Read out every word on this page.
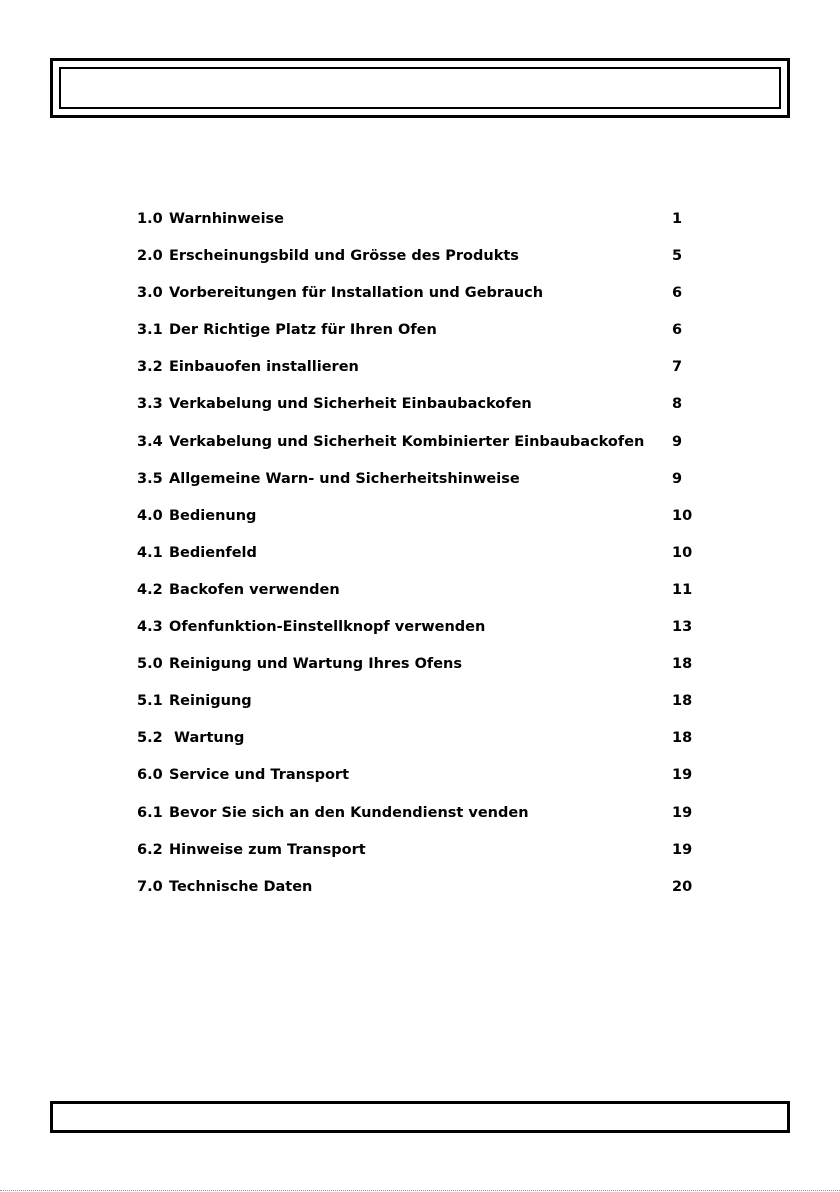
1.0 Warnhinweise	1
2.0 Erscheinungsbild und Grösse des Produkts	5
3.0 Vorbereitungen für Installation und Gebrauch	6
3.1 Der Richtige Platz für Ihren Ofen	6
3.2 Einbauofen installieren	7
3.3 Verkabelung und Sicherheit Einbaubackofen	8
3.4 Verkabelung und Sicherheit Kombinierter Einbaubackofen 9
3.5 Allgemeine Warn- und Sicherheitshinweise	9
4.0 Bedienung	10
4.1 Bedienfeld	10
4.2 Backofen verwenden	11
4.3 Ofenfunktion-Einstellknopf verwenden	13
5.0 Reinigung und Wartung Ihres Ofens	18
5.1 Reinigung	18
5.2 Wartung	18
6.0 Service und Transport	19
6.1 Bevor Sie sich an den Kundendienst venden	19
6.2 Hinweise zum Transport	19
7.0 Technische Daten	20
